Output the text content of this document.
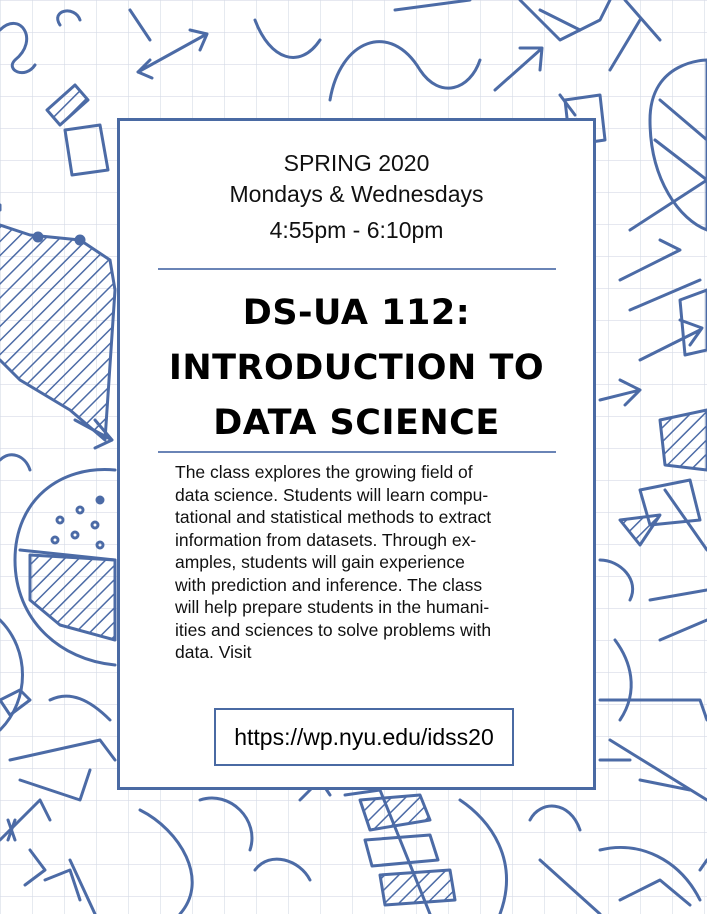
SPRING 2020
Mondays & Wednesdays
4:55pm - 6:10pm
DS-UA 112:
INTRODUCTION TO
DATA SCIENCE

The class explores the growing field of
data science. Students will learn compu-
tational and statistical methods to extract
information from datasets. Through ex-
amples, students will gain experience
with prediction and inference. The class
will help prepare students in the humani-
ities and sciences to solve problems with
data. Visit

https://wp.nyu.edu/idss20
